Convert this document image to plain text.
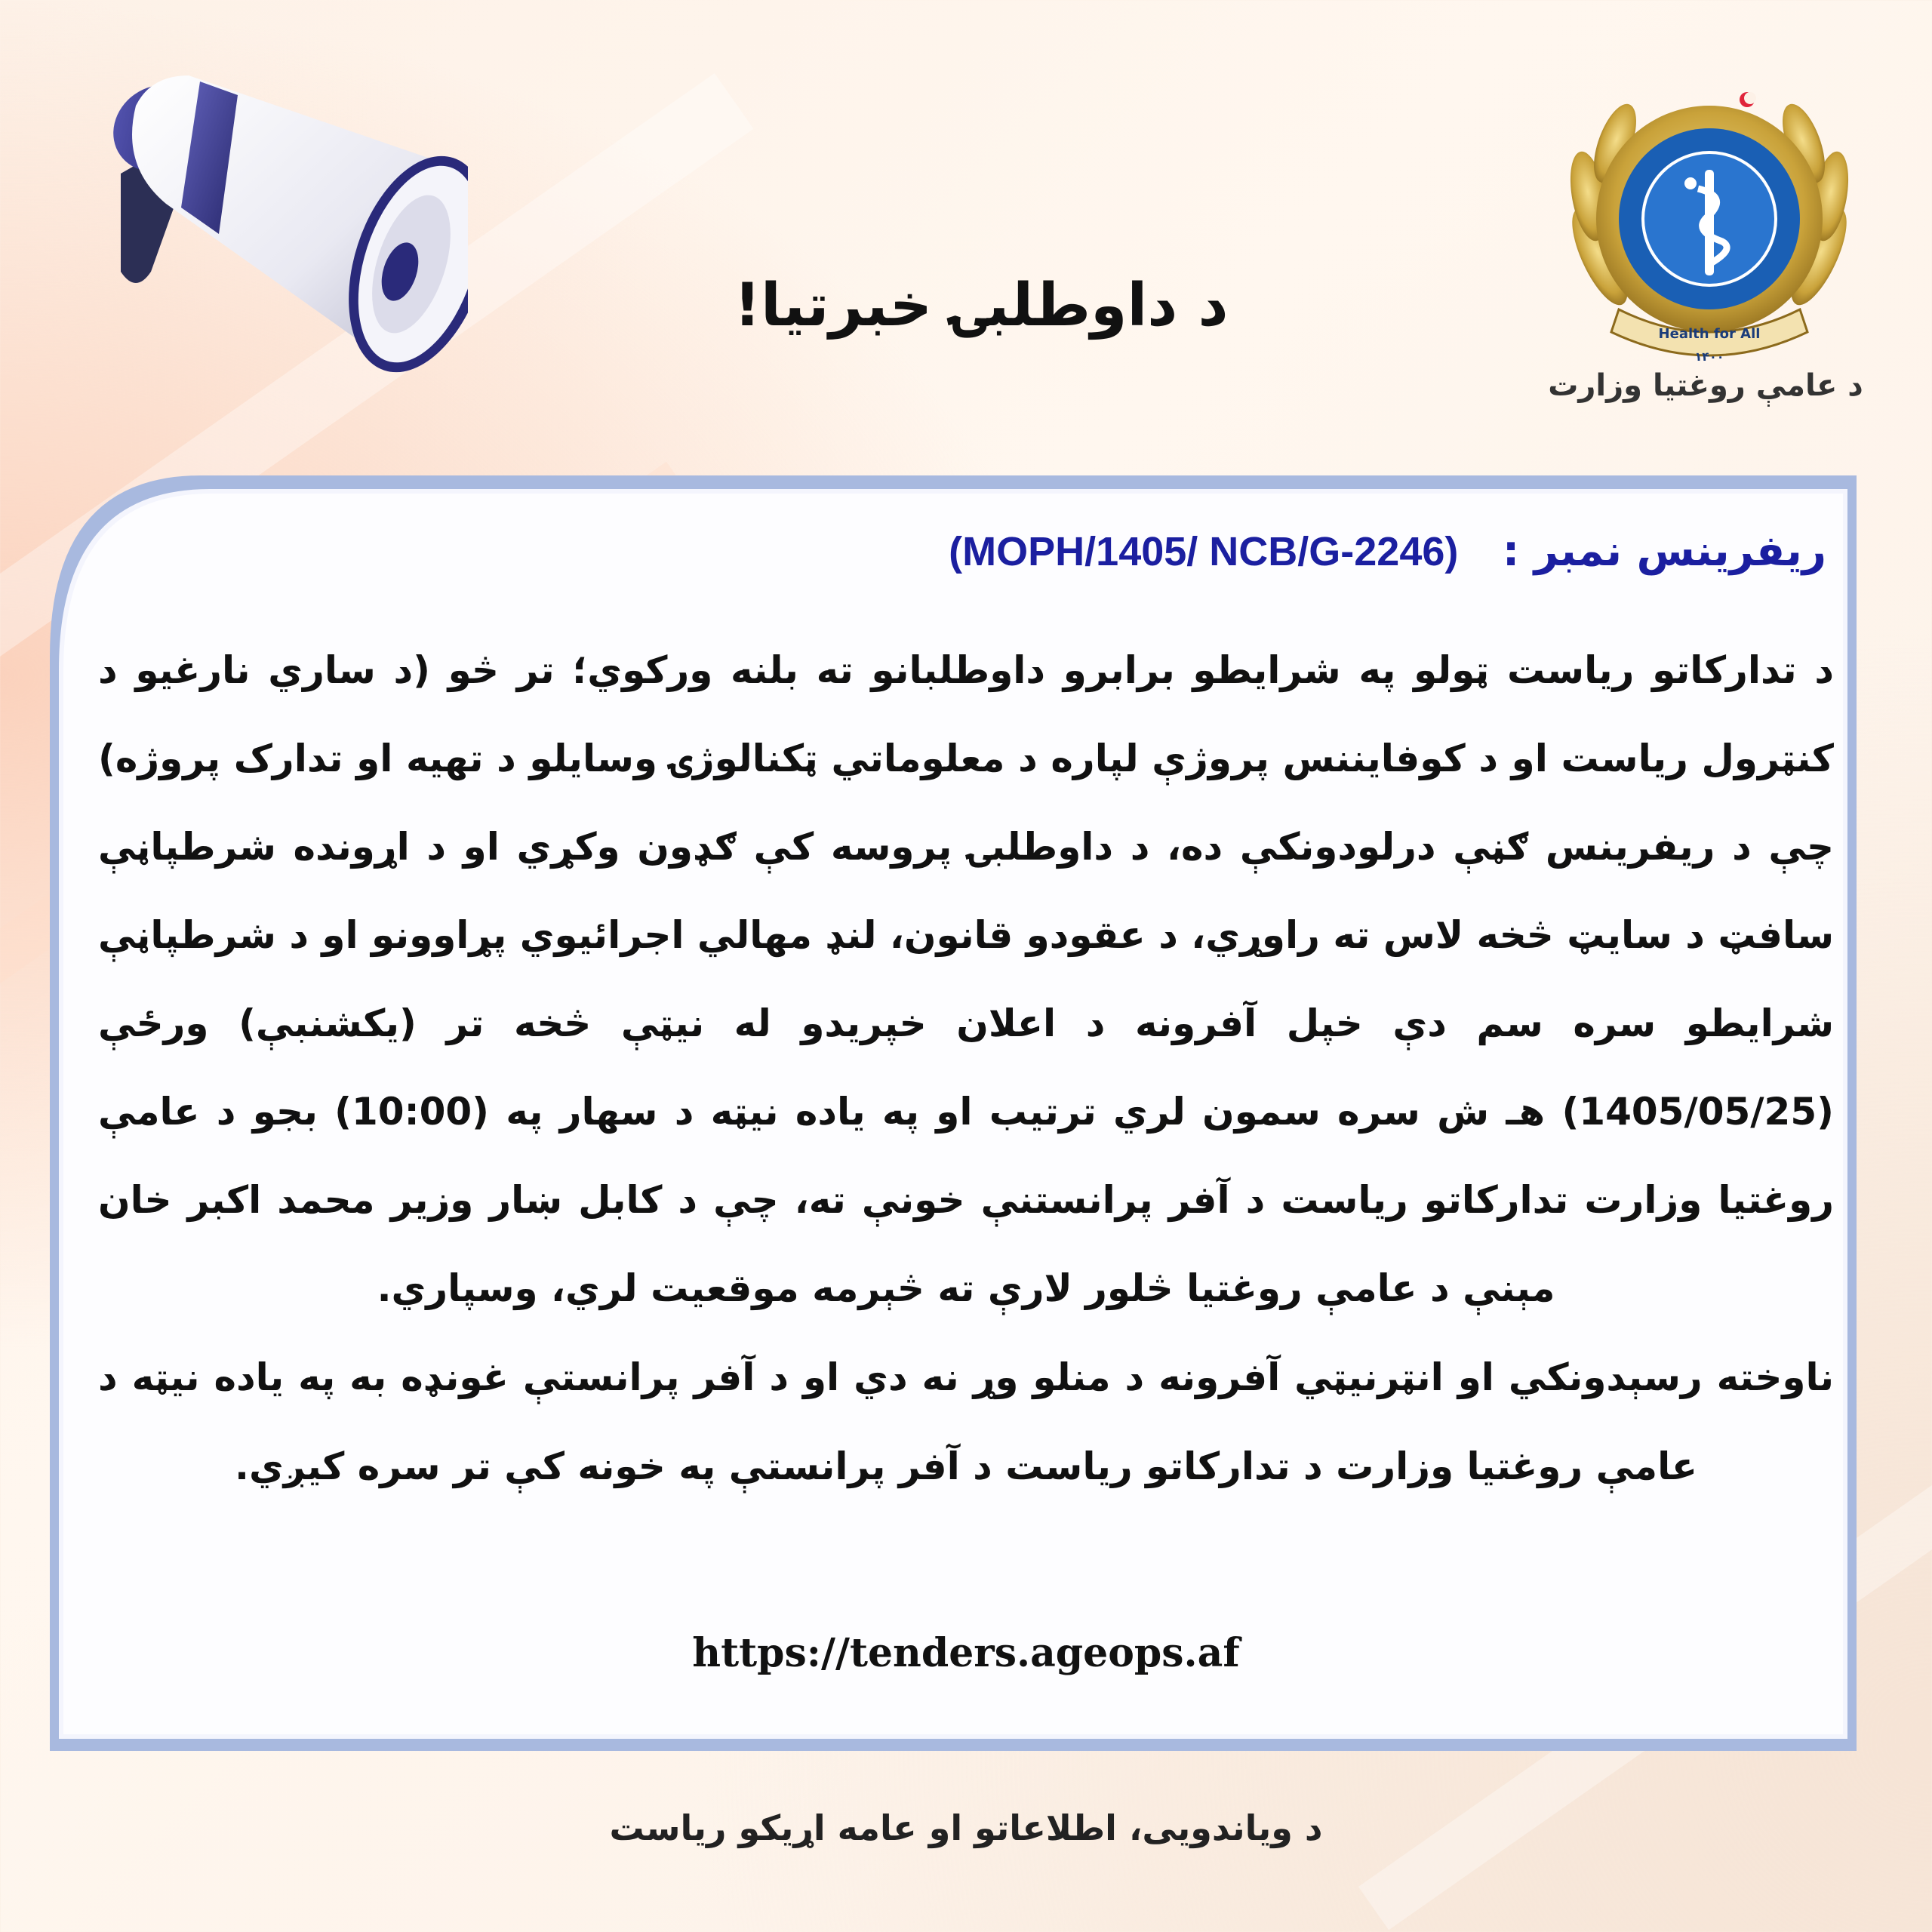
Health for All
۱۴۰۰
د عامې روغتیا وزارت
د داوطلبۍ خبرتیا!
ریفرینس نمبر :   (MOPH/1405/ NCB/G-2246)

د تدارکاتو ریاست ټولو په شرایطو برابرو داوطلبانو ته بلنه ورکوي؛ تر څو (د ساري نارغیو د کنټرول ریاست او د کوفایننس پروژې لپاره د معلوماتي ټکنالوژۍ وسایلو د تهیه او تدارک پروژه) چې د ریفرینس ګڼې درلودونکې ده، د داوطلبۍ پروسه کې ګډون وکړي او د اړونده شرطپاڼې سافټ د سایټ څخه لاس ته راوړي، د عقودو قانون، لنډ مهالي اجرائیوي پړاوونو او د شرطپاڼې شرایطو سره سم دې خپل آفرونه د اعلان خپریدو له نیټې څخه تر (یکشنبې) ورځې (1405/05/25) هـ ش سره سمون لري ترتیب او په یاده نیټه د سهار په (10:00) بجو د عامې روغتیا وزارت تدارکاتو ریاست د آفر پرانستنې خونې ته، چې د کابل ښار وزیر محمد اکبر خان مېنې د عامې روغتیا څلور لارې ته څېرمه موقعیت لري، وسپاري.

ناوخته رسېدونکي او انټرنیټي آفرونه د منلو وړ نه دي او د آفر پرانستې غونډه به په یاده نیټه د عامې روغتیا وزارت د تدارکاتو ریاست د آفر پرانستې په خونه کې تر سره کیږي.

https://tenders.ageops.af
د ویاندویی، اطلاعاتو او عامه اړیکو ریاست
